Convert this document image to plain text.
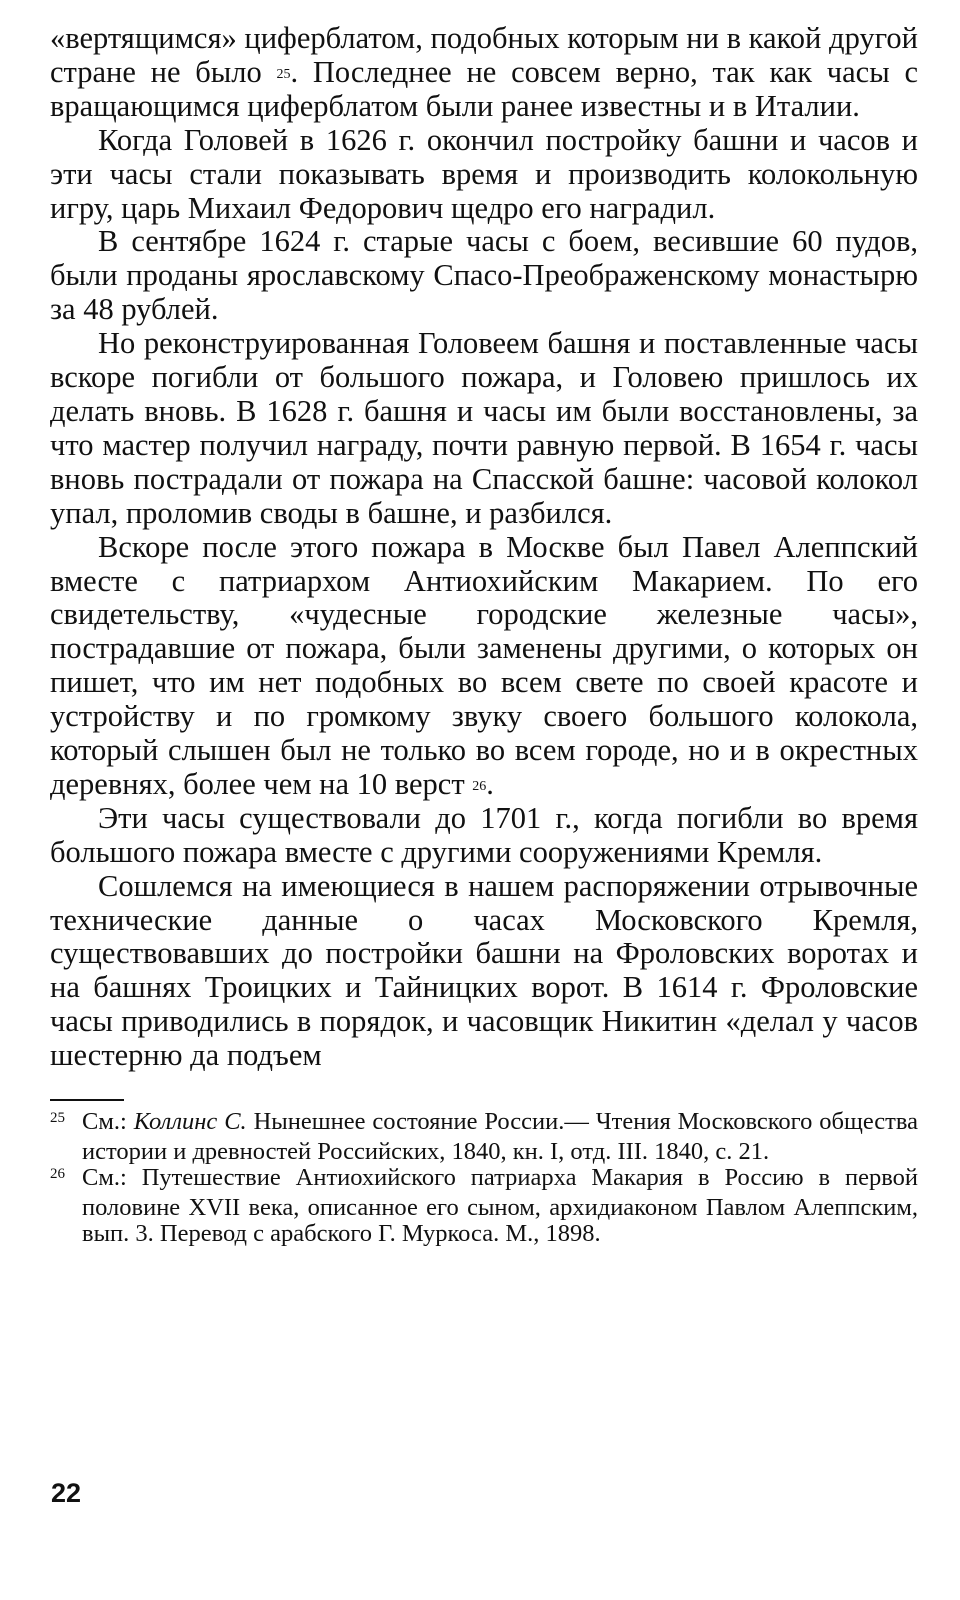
«вертящимся» циферблатом, подобных которым ни в какой другой стране не было $^{25}$. Последнее не совсем верно, так как часы с вращающимся циферблатом были ранее известны и в Италии.

Когда Головей в 1626 г. окончил постройку башни и часов и эти часы стали показывать время и производить колокольную игру, царь Михаил Федорович щедро его наградил.

В сентябре 1624 г. старые часы с боем, весившие 60 пудов, были проданы ярославскому Спасо-Преображенскому монастырю за 48 рублей.

Но реконструированная Головеем башня и поставленные часы вскоре погибли от большого пожара, и Головею пришлось их делать вновь. В 1628 г. башня и часы им были восстановлены, за что мастер получил награду, почти равную первой. В 1654 г. часы вновь пострадали от пожара на Спасской башне: часовой колокол упал, проломив своды в башне, и разбился.

Вскоре после этого пожара в Москве был Павел Алеппский вместе с патриархом Антиохийским Макарием. По его свидетельству, «чудесные городские железные часы», пострадавшие от пожара, были заменены другими, о которых он пишет, что им нет подобных во всем свете по своей красоте и устройству и по громкому звуку своего большого колокола, который слышен был не только во всем городе, но и в окрестных деревнях, более чем на 10 верст $^{26}$.

Эти часы существовали до 1701 г., когда погибли во время большого пожара вместе с другими сооружениями Кремля.

Сошлемся на имеющиеся в нашем распоряжении отрывочные технические данные о часах Московского Кремля, существовавших до постройки башни на Фроловских воротах и на башнях Троицких и Тайницких ворот. В 1614 г. Фроловские часы приводились в порядок, и часовщик Никитин «делал у часов шестерню да подъем

25 См.: Коллинс С. Нынешнее состояние России.— Чтения Московского общества истории и древностей Российских, 1840, кн. I, отд. III. 1840, с. 21.

26 См.: Путешествие Антиохийского патриарха Макария в Россию в первой половине XVII века, описанное его сыном, архидиаконом Павлом Алеппским, вып. 3. Перевод с арабского Г. Муркоса. М., 1898.

22
